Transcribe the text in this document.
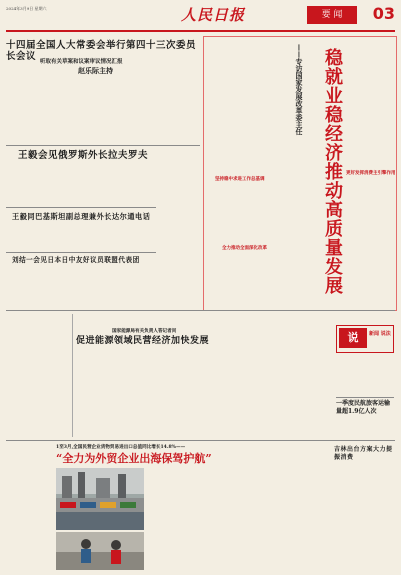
2024年3月9日 星期六	人民日报	要 闻	03
十四届全国人大常委会举行第四十三次委员长会议 听取有关草案和议案审议情况汇报
赵乐际主持
王毅会见俄罗斯外长拉夫罗夫
王毅同巴基斯坦副总理兼外长达尔通电话
刘结一会见日本日中友好议员联盟代表团
——专访国家发展改革委主任	稳就业稳经济推动高质量发展 更好发挥消费主引擎作用
坚持稳中求进工作总基调
全力推动全面深化改革
国家能源局有关负责人答记者问
促进能源领域民营经济加快发展	说	新闻 说法
一季度民航旅客运输量超1.9亿人次
1至3月,全国民营企业货物贸易进出口总值同比增长14.8%——
“全力为外贸企业出海保驾护航”
吉林出台方案大力提振消费
